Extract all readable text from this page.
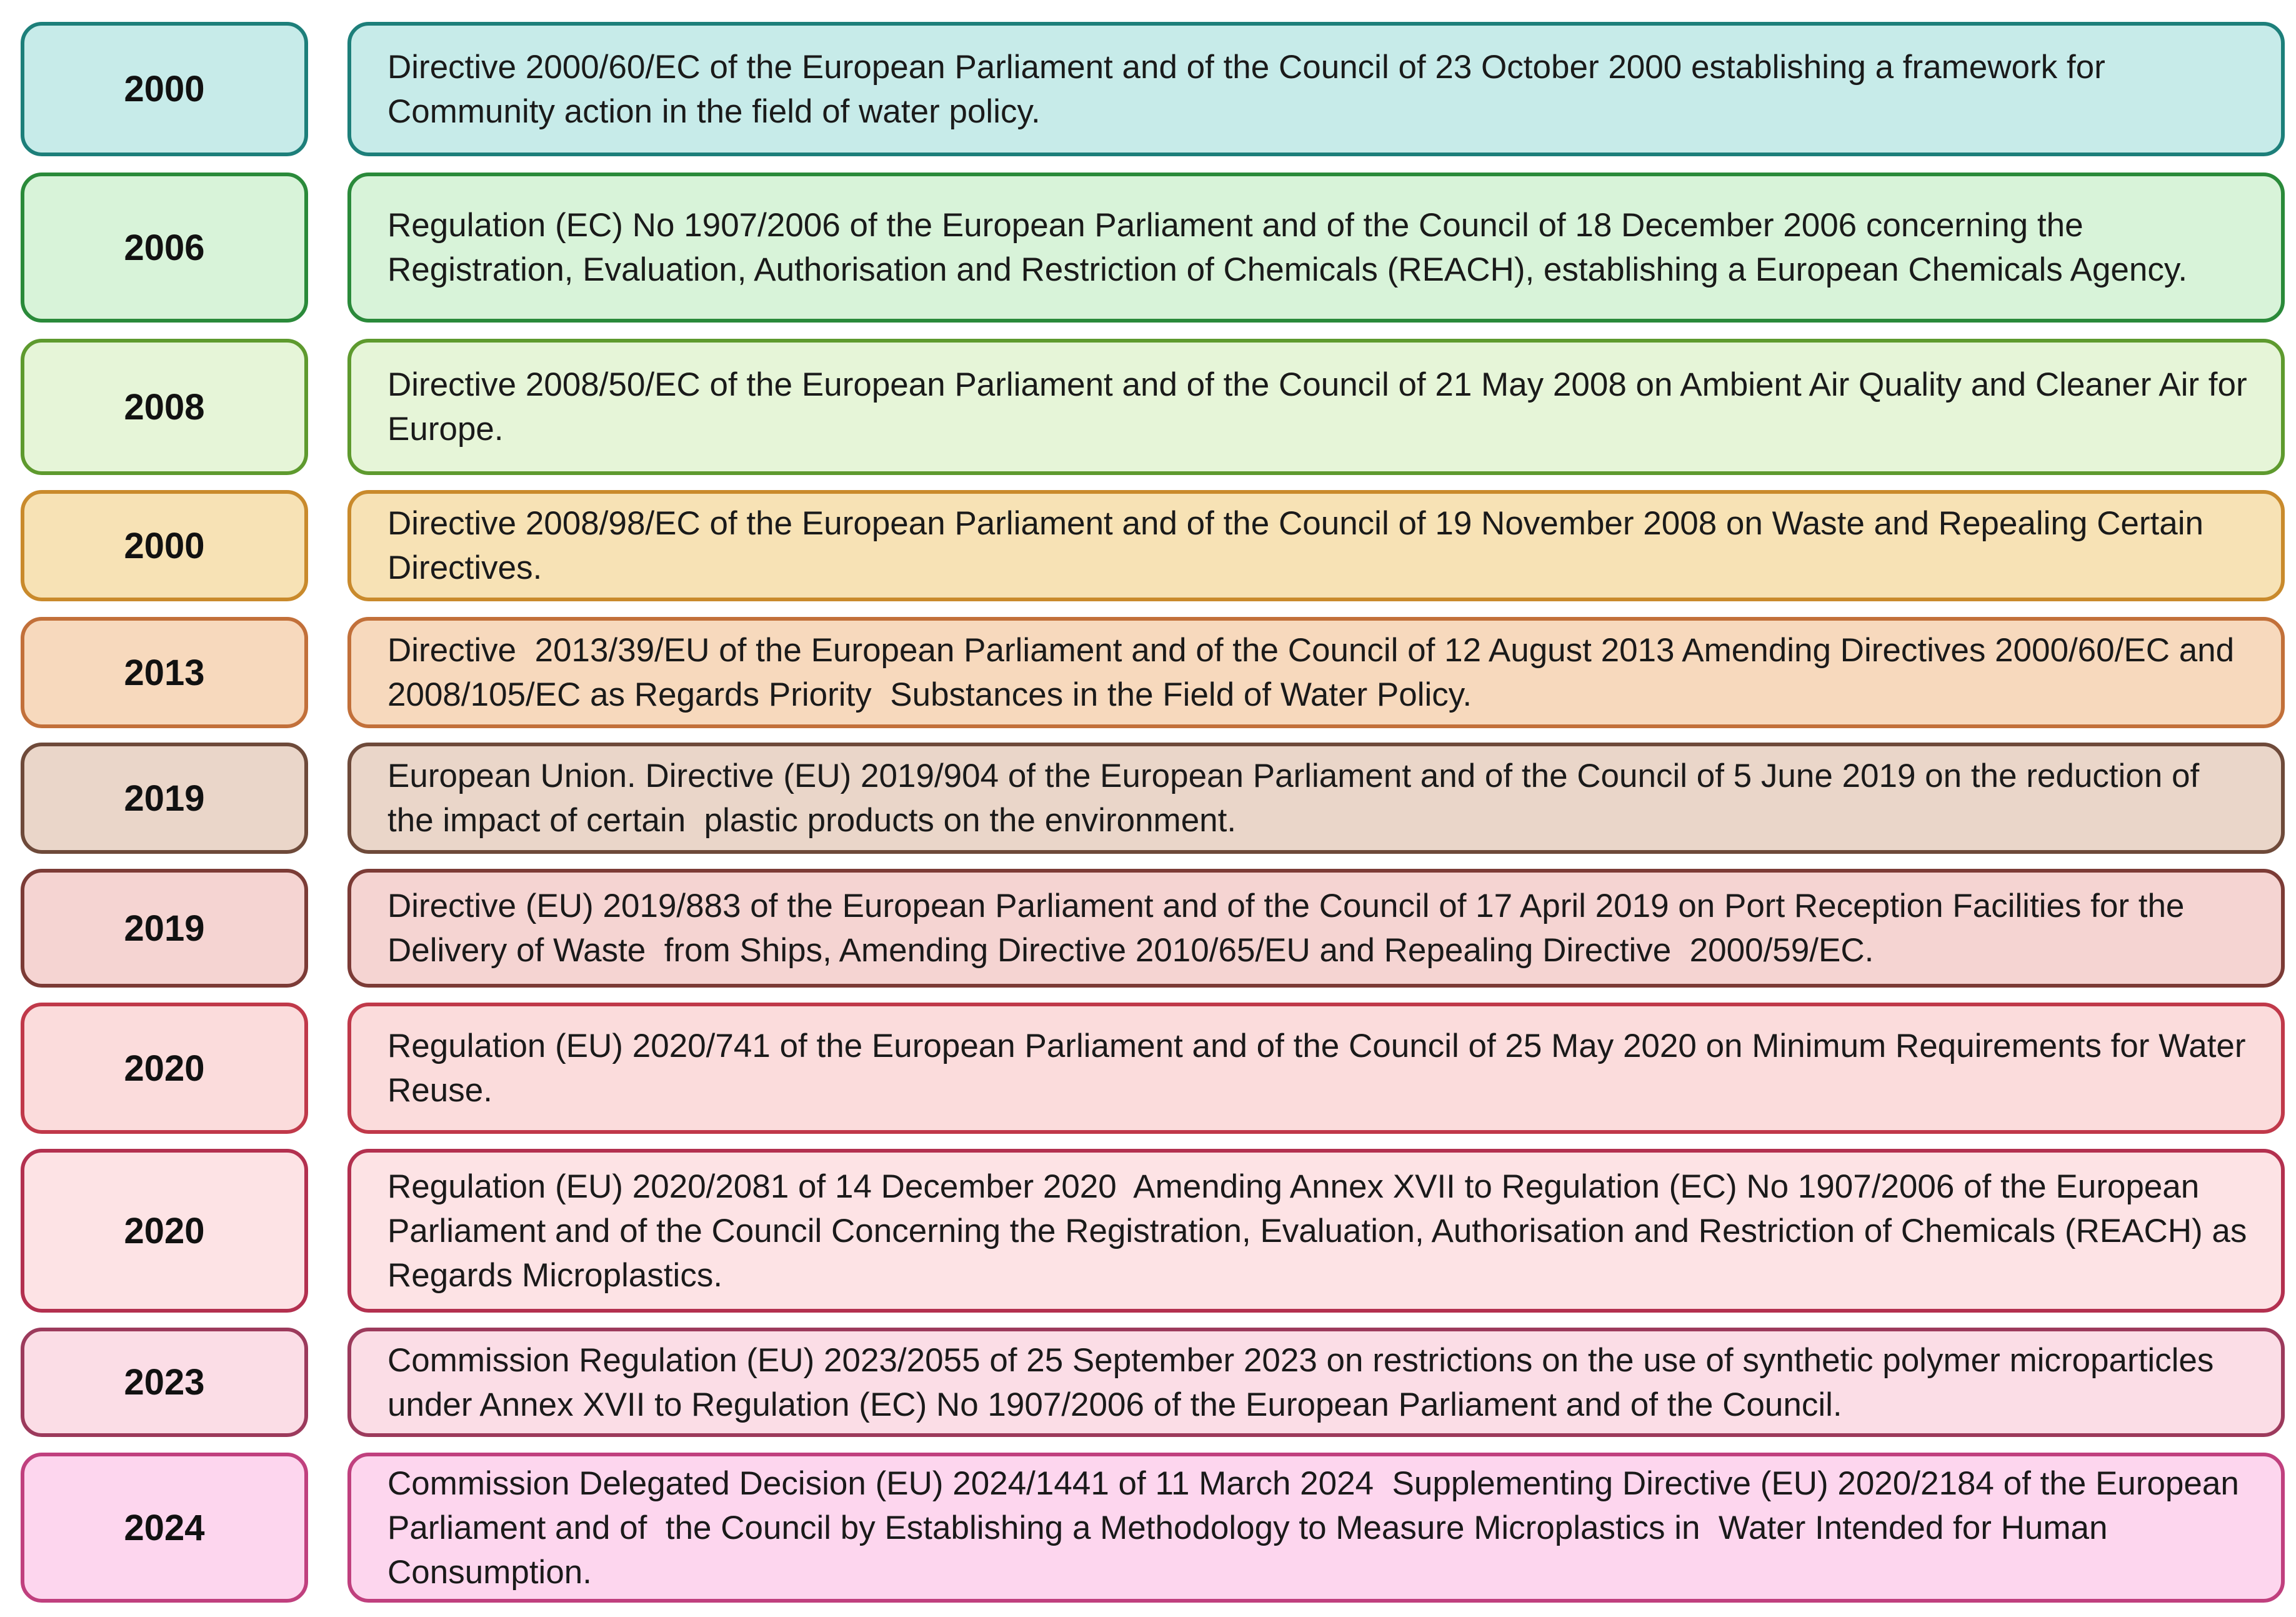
2000
Directive 2000/60/EC of the European Parliament and of the Council of 23 October 2000 establishing a framework for Community action in the field of water policy.
2006
Regulation (EC) No 1907/2006 of the European Parliament and of the Council of 18 December 2006 concerning the Registration, Evaluation, Authorisation and Restriction of Chemicals (REACH), establishing a European Chemicals Agency.
2008
Directive 2008/50/EC of the European Parliament and of the Council of 21 May 2008 on Ambient Air Quality and Cleaner Air for Europe.
2000
Directive 2008/98/EC of the European Parliament and of the Council of 19 November 2008 on Waste and Repealing Certain Directives.
2013
Directive  2013/39/EU of the European Parliament and of the Council of 12 August 2013 Amending Directives 2000/60/EC and 2008/105/EC as Regards Priority  Substances in the Field of Water Policy.
2019
European Union. Directive (EU) 2019/904 of the European Parliament and of the Council of 5 June 2019 on the reduction of the impact of certain  plastic products on the environment.
2019
Directive (EU) 2019/883 of the European Parliament and of the Council of 17 April 2019 on Port Reception Facilities for the Delivery of Waste  from Ships, Amending Directive 2010/65/EU and Repealing Directive  2000/59/EC.
2020
Regulation (EU) 2020/741 of the European Parliament and of the Council of 25 May 2020 on Minimum Requirements for Water Reuse.
2020
Regulation (EU) 2020/2081 of 14 December 2020  Amending Annex XVII to Regulation (EC) No 1907/2006 of the European Parliament and of the Council Concerning the Registration, Evaluation, Authorisation and Restriction of Chemicals (REACH) as Regards Microplastics.
2023
Commission Regulation (EU) 2023/2055 of 25 September 2023 on restrictions on the use of synthetic polymer microparticles  under Annex XVII to Regulation (EC) No 1907/2006 of the European Parliament and of the Council.
2024
Commission Delegated Decision (EU) 2024/1441 of 11 March 2024  Supplementing Directive (EU) 2020/2184 of the European Parliament and of  the Council by Establishing a Methodology to Measure Microplastics in  Water Intended for Human Consumption.
